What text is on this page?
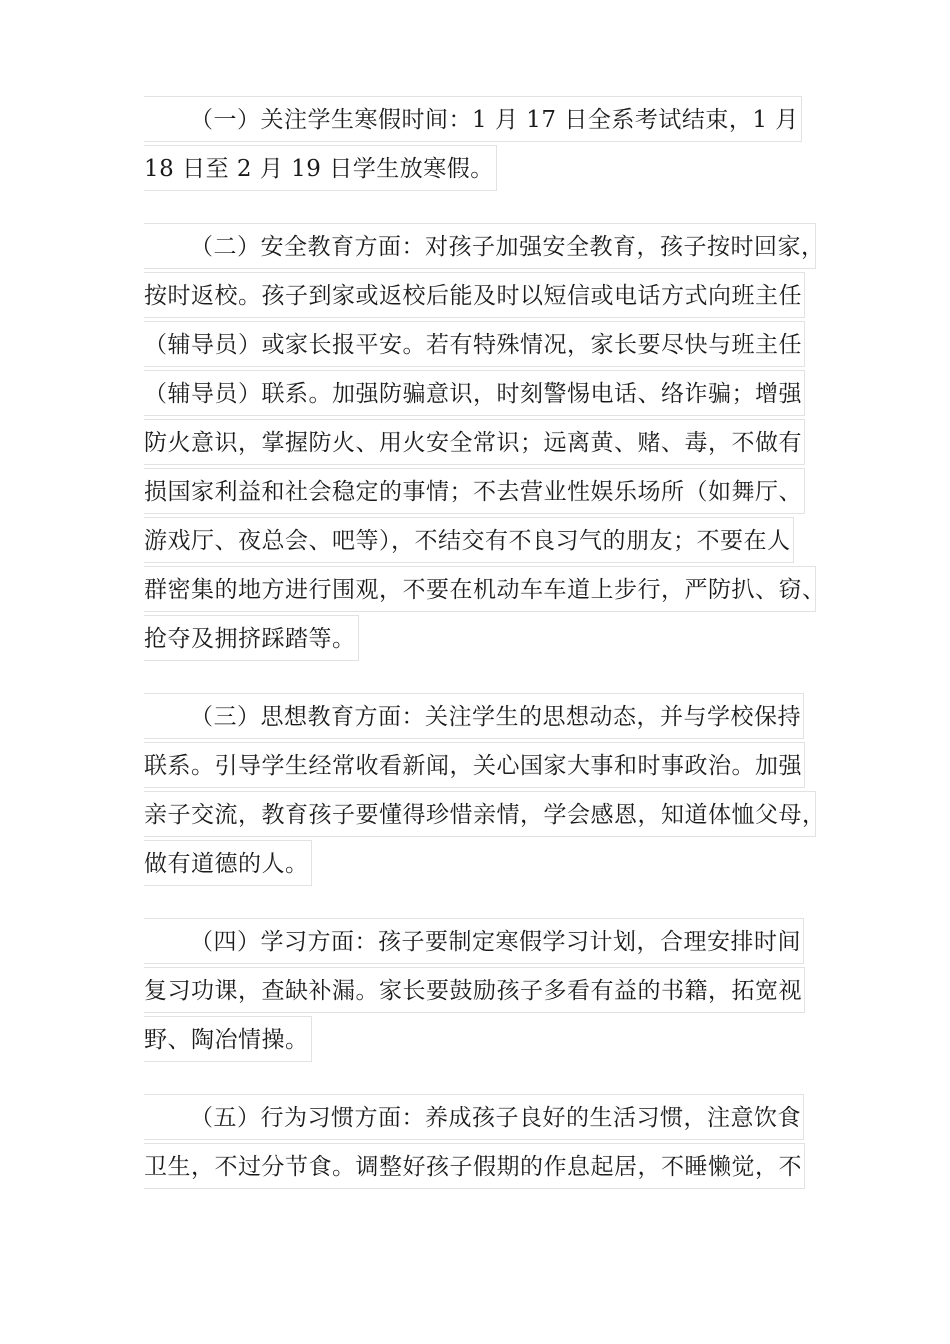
（一）关注学生寒假时间：1 月 17 日全系考试结束，1 月
18 日至 2 月 19 日学生放寒假。
（二）安全教育方面：对孩子加强安全教育，孩子按时回家，
按时返校。孩子到家或返校后能及时以短信或电话方式向班主任
（辅导员）或家长报平安。若有特殊情况，家长要尽快与班主任
（辅导员）联系。加强防骗意识，时刻警惕电话、络诈骗；增强
防火意识，掌握防火、用火安全常识；远离黄、赌、毒，不做有
损国家利益和社会稳定的事情；不去营业性娱乐场所（如舞厅、
游戏厅、夜总会、吧等），不结交有不良习气的朋友；不要在人
群密集的地方进行围观，不要在机动车车道上步行，严防扒、窃、
抢夺及拥挤踩踏等。
（三）思想教育方面：关注学生的思想动态，并与学校保持
联系。引导学生经常收看新闻，关心国家大事和时事政治。加强
亲子交流，教育孩子要懂得珍惜亲情，学会感恩，知道体恤父母，
做有道德的人。
（四）学习方面：孩子要制定寒假学习计划，合理安排时间
复习功课，查缺补漏。家长要鼓励孩子多看有益的书籍，拓宽视
野、陶冶情操。
（五）行为习惯方面：养成孩子良好的生活习惯，注意饮食
卫生，不过分节食。调整好孩子假期的作息起居，不睡懒觉，不
